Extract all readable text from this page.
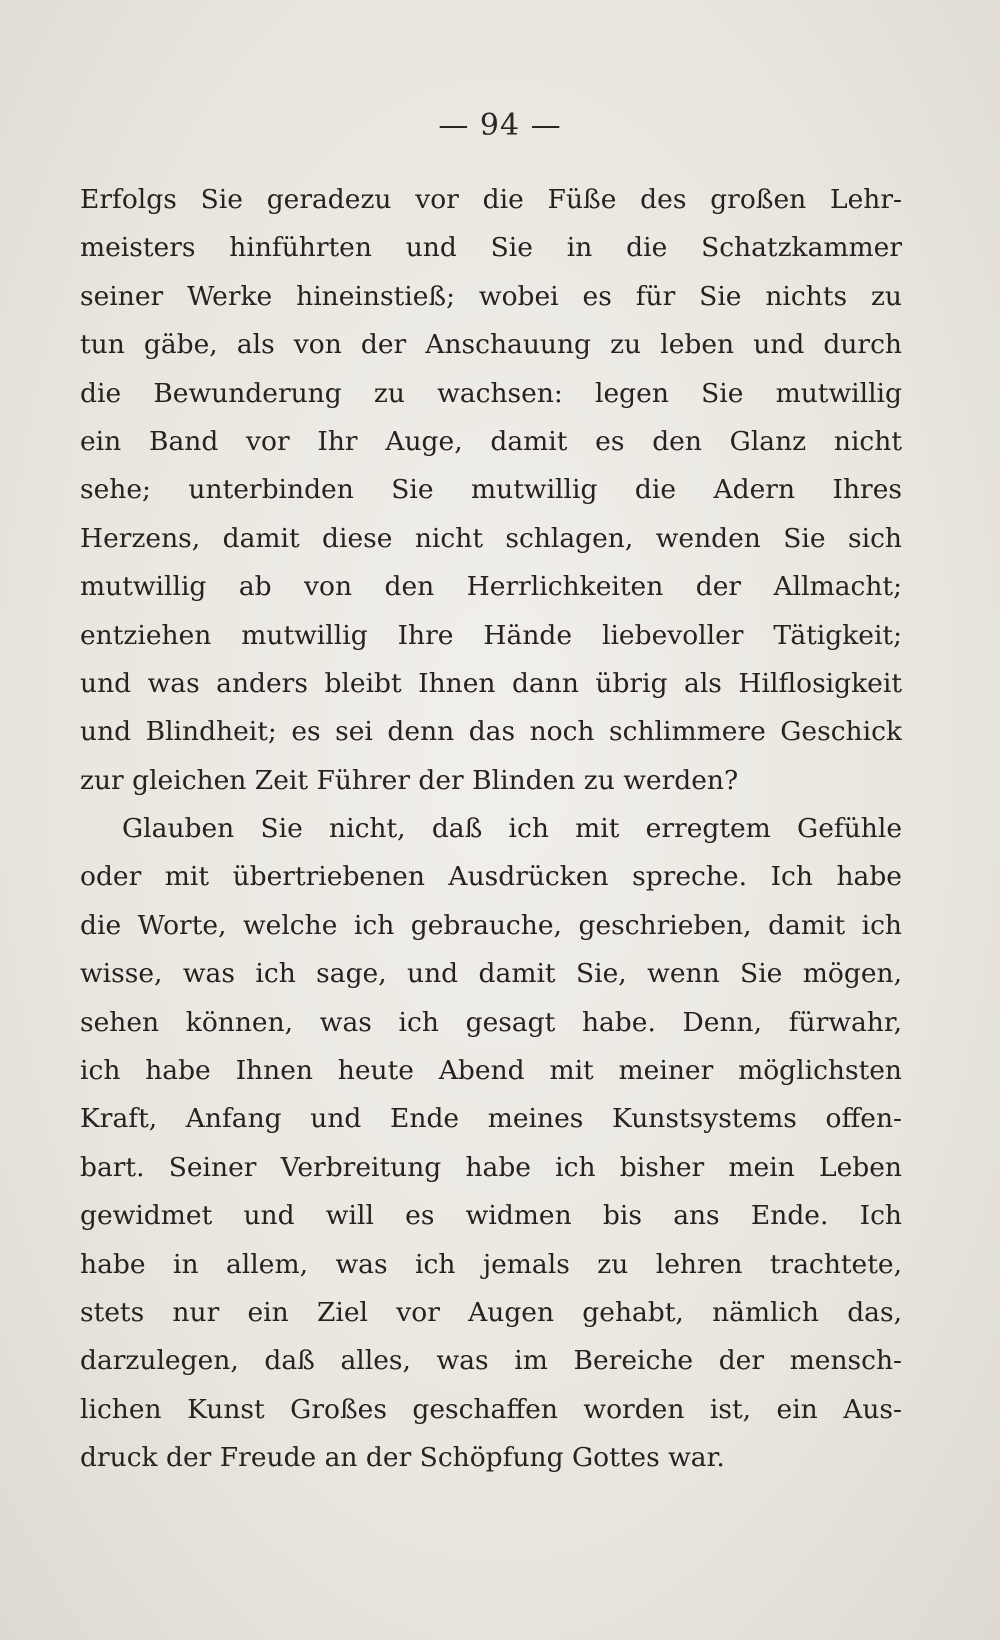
— 94 —
Erfolgs Sie geradezu vor die Füße des großen Lehr-
meisters hinführten und Sie in die Schatzkammer
seiner Werke hineinstieß; wobei es für Sie nichts zu
tun gäbe, als von der Anschauung zu leben und durch
die Bewunderung zu wachsen: legen Sie mutwillig
ein Band vor Ihr Auge, damit es den Glanz nicht
sehe; unterbinden Sie mutwillig die Adern Ihres
Herzens, damit diese nicht schlagen, wenden Sie sich
mutwillig ab von den Herrlichkeiten der Allmacht;
entziehen mutwillig Ihre Hände liebevoller Tätigkeit;
und was anders bleibt Ihnen dann übrig als Hilflosigkeit
und Blindheit; es sei denn das noch schlimmere Geschick
zur gleichen Zeit Führer der Blinden zu werden?
Glauben Sie nicht, daß ich mit erregtem Gefühle
oder mit übertriebenen Ausdrücken spreche. Ich habe
die Worte, welche ich gebrauche, geschrieben, damit ich
wisse, was ich sage, und damit Sie, wenn Sie mögen,
sehen können, was ich gesagt habe. Denn, fürwahr,
ich habe Ihnen heute Abend mit meiner möglichsten
Kraft, Anfang und Ende meines Kunstsystems offen-
bart. Seiner Verbreitung habe ich bisher mein Leben
gewidmet und will es widmen bis ans Ende. Ich
habe in allem, was ich jemals zu lehren trachtete,
stets nur ein Ziel vor Augen gehabt, nämlich das,
darzulegen, daß alles, was im Bereiche der mensch-
lichen Kunst Großes geschaffen worden ist, ein Aus-
druck der Freude an der Schöpfung Gottes war.
